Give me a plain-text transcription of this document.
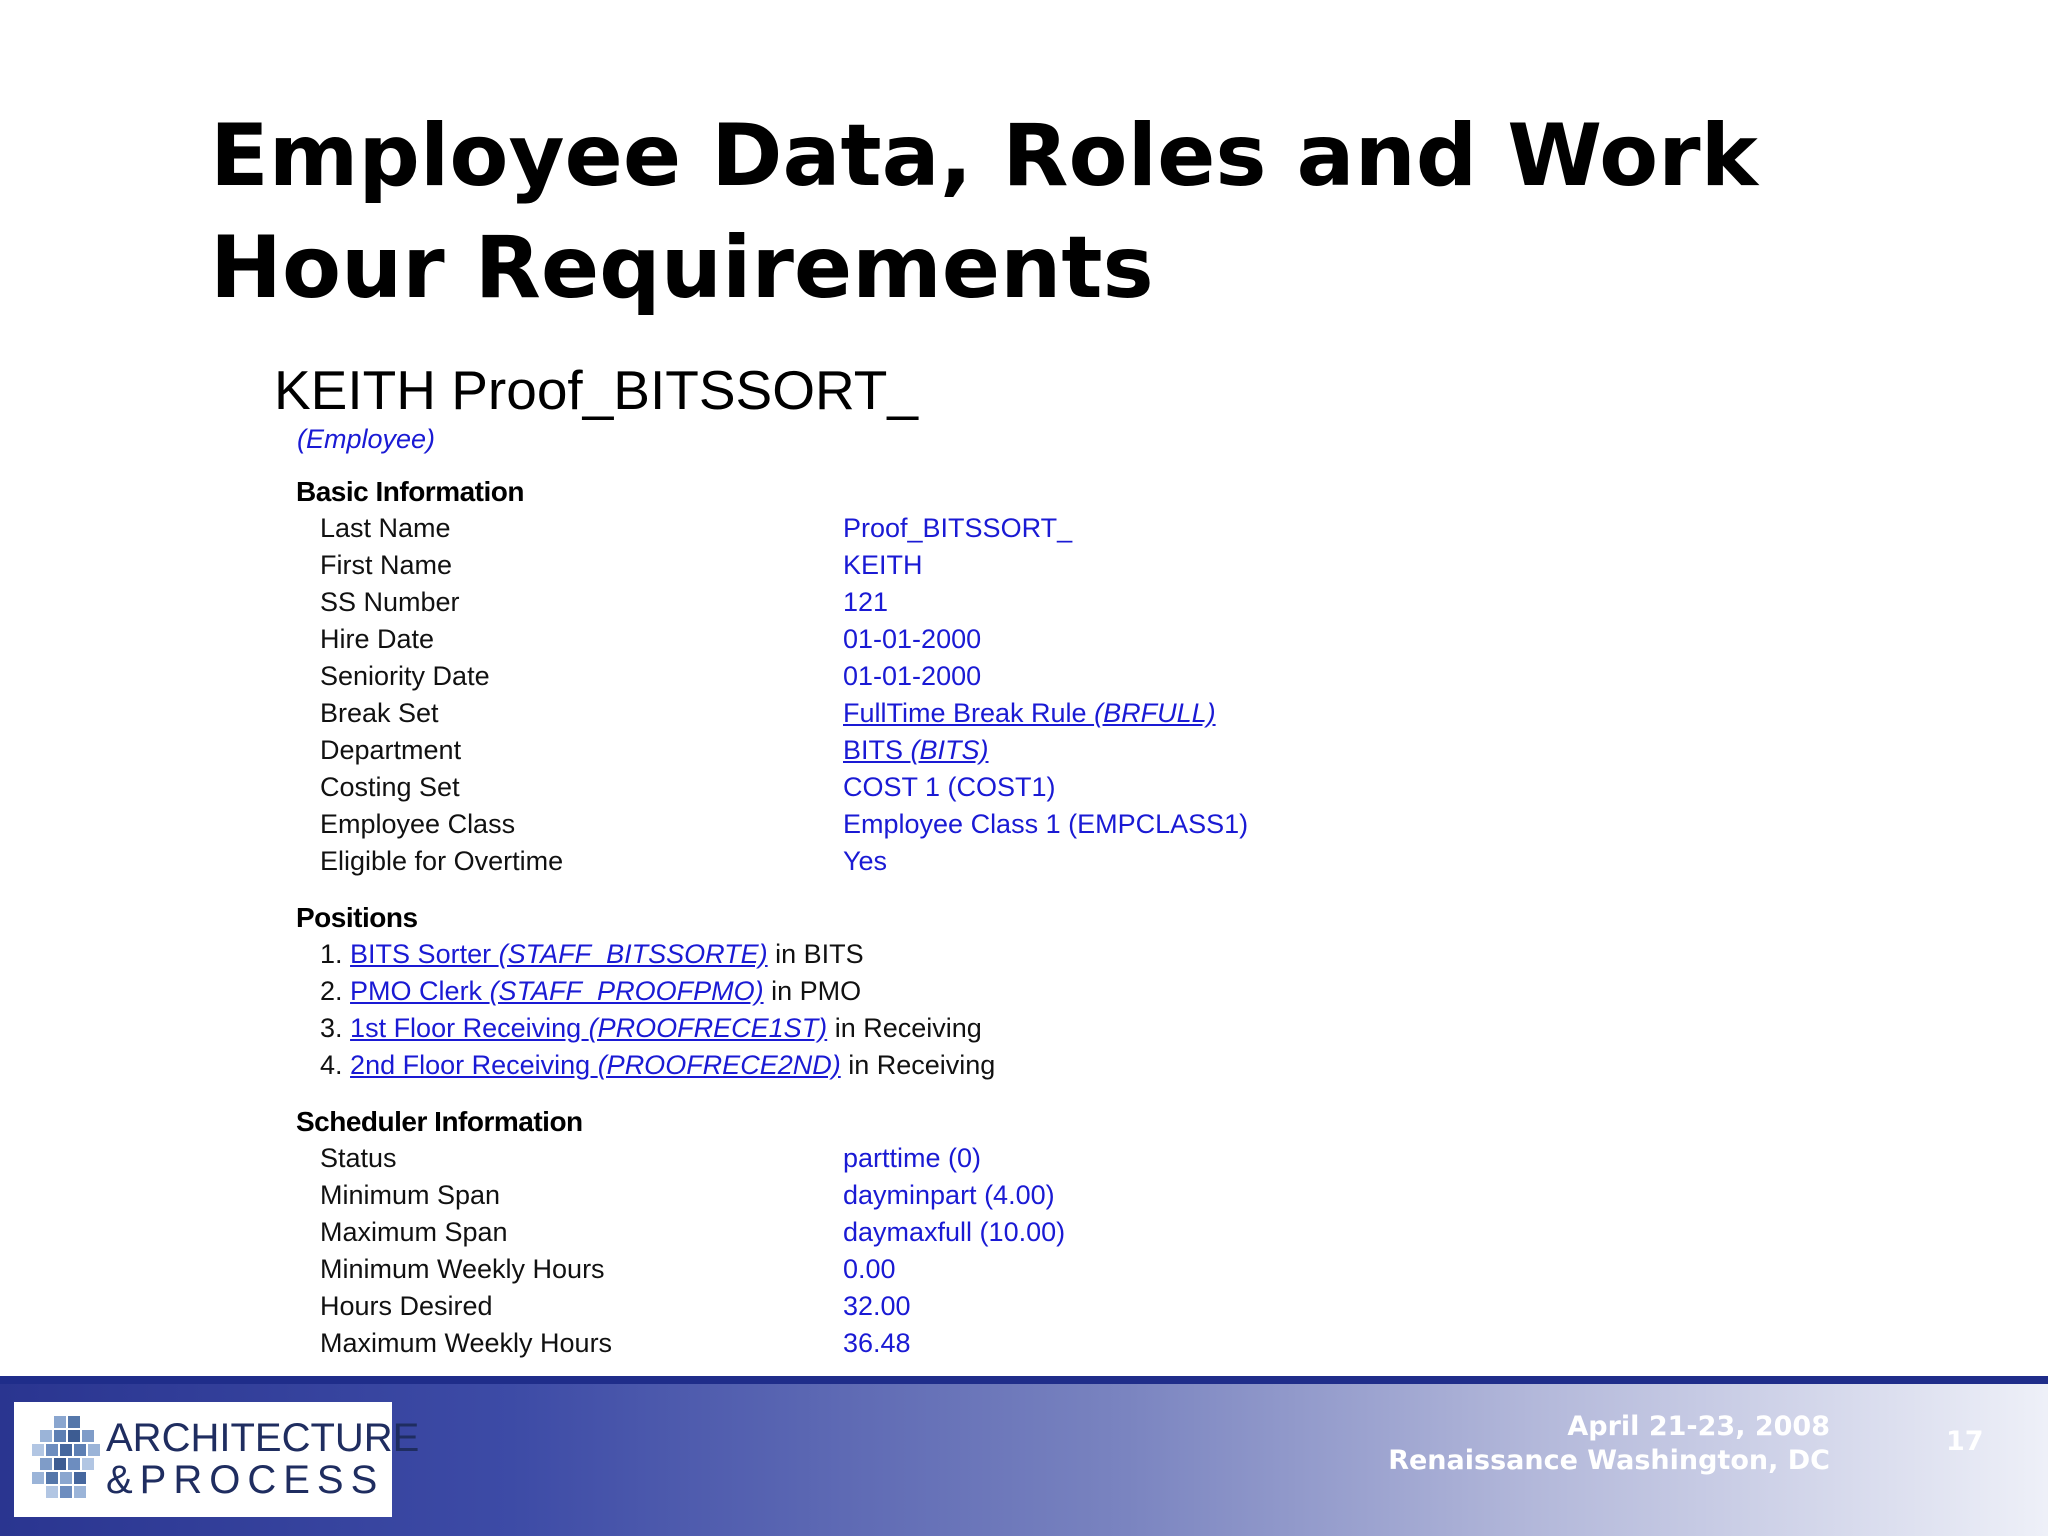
Employee Data, Roles and Work
Hour Requirements
KEITH Proof_BITSSORT_
(Employee)
Basic Information
Last Name	Proof_BITSSORT_
First Name	KEITH
SS Number	121
Hire Date	01-01-2000
Seniority Date	01-01-2000
Break Set	FullTime Break Rule (BRFULL)
Department	BITS (BITS)
Costing Set	COST 1 (COST1)
Employee Class	Employee Class 1 (EMPCLASS1)
Eligible for Overtime	Yes
Positions
1. BITS Sorter (STAFF_BITSSORTE) in BITS
2. PMO Clerk (STAFF_PROOFPMO) in PMO
3. 1st Floor Receiving (PROOFRECE1ST) in Receiving
4. 2nd Floor Receiving (PROOFRECE2ND) in Receiving
Scheduler Information
Status	parttime (0)
Minimum Span	dayminpart (4.00)
Maximum Span	daymaxfull (10.00)
Minimum Weekly Hours	0.00
Hours Desired	32.00
Maximum Weekly Hours	36.48
ARCHITECTURE
&PROCESS
April 21-23, 2008
Renaissance Washington, DC
17
